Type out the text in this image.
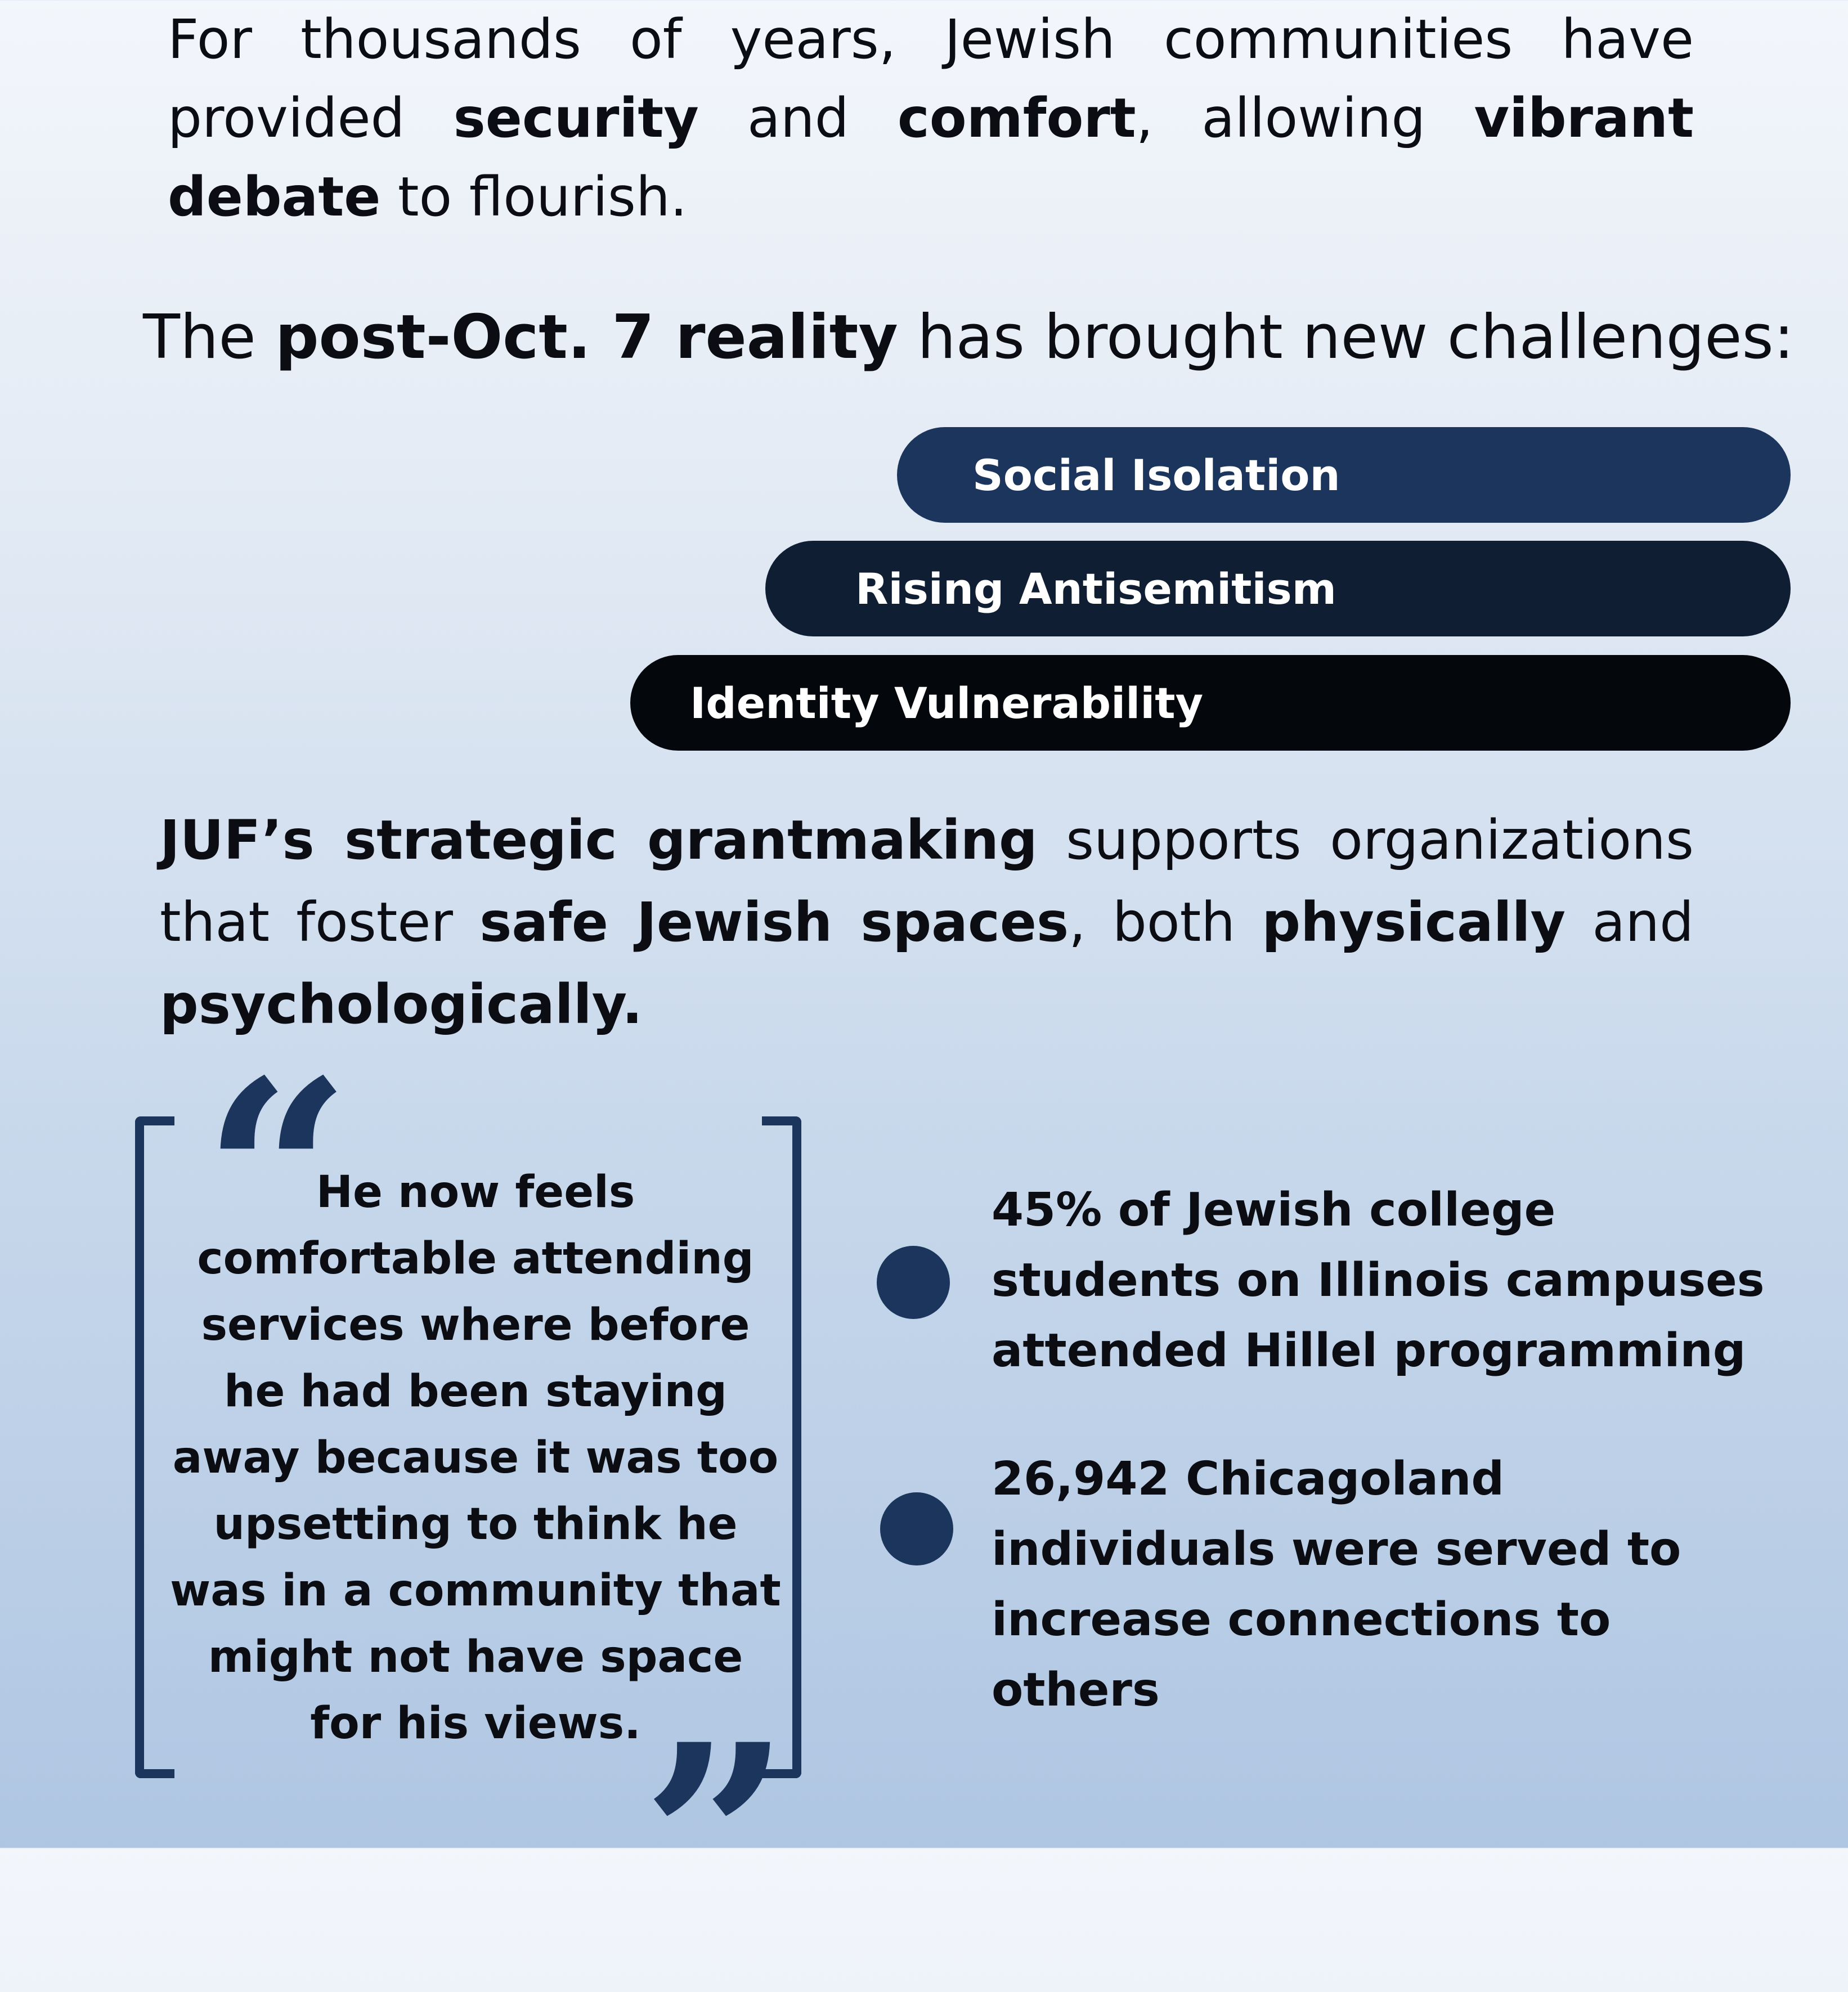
For thousands of years, Jewish communities have provided security and comfort, allowing vibrant debate to flourish.
The post-Oct. 7 reality has brought new challenges:
Social Isolation
Rising Antisemitism
Identity Vulnerability
JUF’s strategic grantmaking supports organizations that foster safe Jewish spaces, both physically and psychologically.
“
”
He now feels comfortable attending services where before he had been staying away because it was too upsetting to think he was in a community that might not have space for his views.
45% of Jewish college students on Illinois campuses attended Hillel programming
26,942 Chicagoland individuals were served to increase connections to others
